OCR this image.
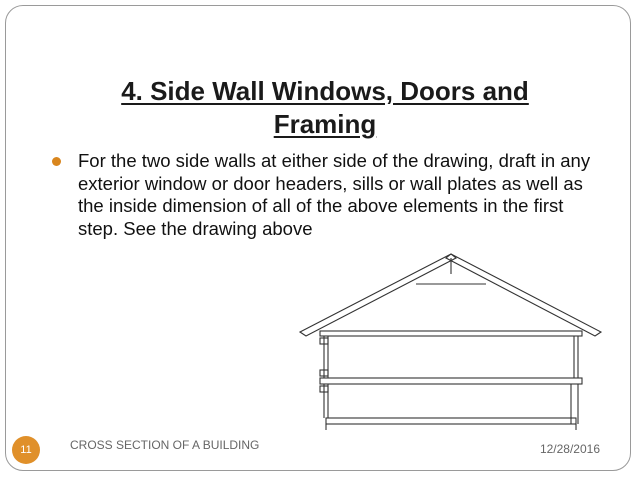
4. Side Wall Windows, Doors and
Framing
For the two side walls at either side of the drawing, draft in any exterior window or door headers, sills or wall plates as well as the inside dimension of all of the above elements in the first step. See the drawing above
11	CROSS SECTION OF A BUILDING	12/28/2016
